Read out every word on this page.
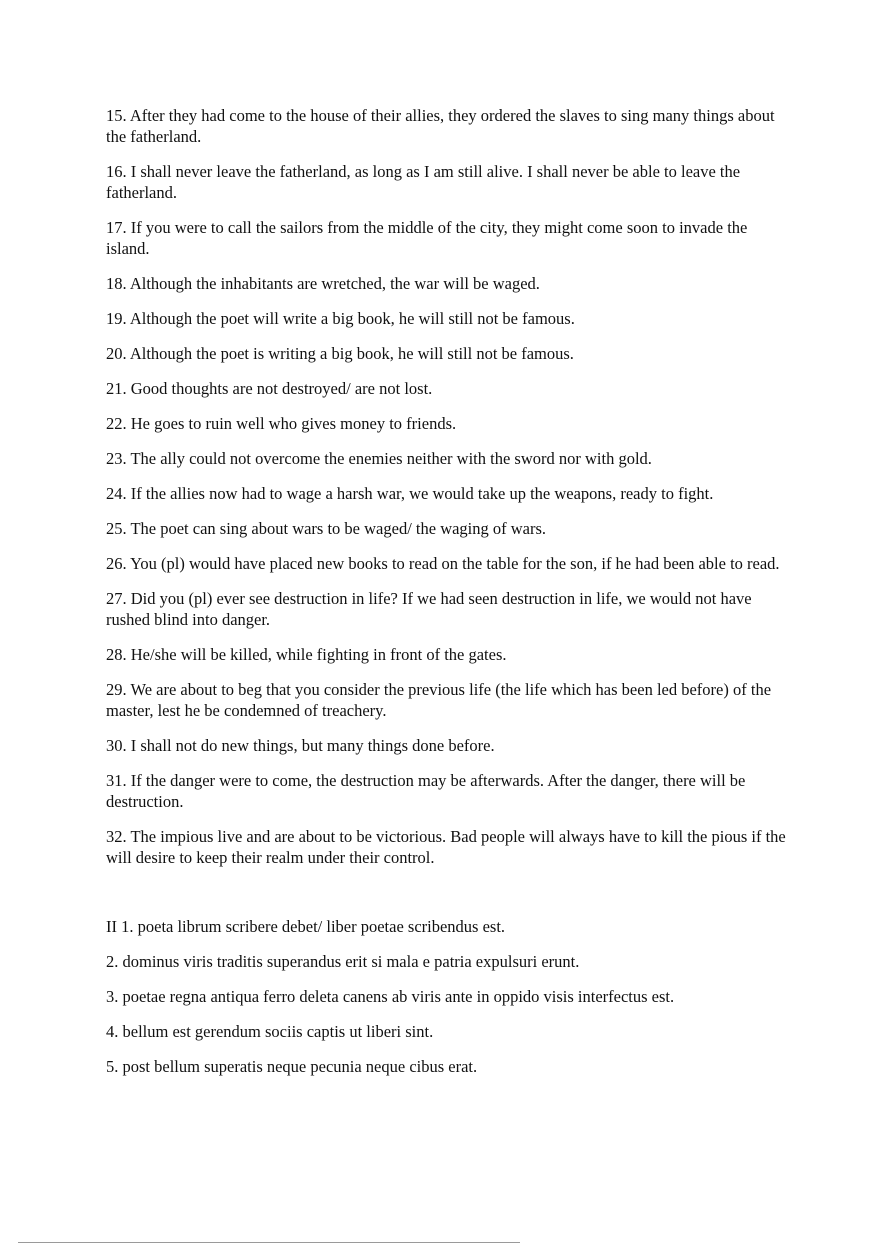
15. After they had come to the house of their allies, they ordered the slaves to sing many things about the fatherland.

16. I shall never leave the fatherland, as long as I am still alive. I shall never be able to leave the fatherland.

17. If you were to call the sailors from the middle of the city, they might come soon to invade the island.

18. Although the inhabitants are wretched, the war will be waged.

19. Although the poet will write a big book, he will still not be famous.

20. Although the poet is writing a big book, he will still not be famous.

21. Good thoughts are not destroyed/ are not lost.

22. He goes to ruin well who gives money to friends.

23. The ally could not overcome the enemies neither with the sword nor with gold.

24. If the allies now had to wage a harsh war, we would take up the weapons, ready to fight.

25. The poet can sing about wars to be waged/ the waging of wars.

26. You (pl) would have placed new books to read on the table for the son, if he had been able to read.

27. Did you (pl) ever see destruction in life? If we had seen destruction in life, we would not have rushed blind into danger.

28. He/she will be killed, while fighting in front of the gates.

29. We are about to beg that you consider the previous life (the life which has been led before) of the master, lest he be condemned of treachery.

30. I shall not do new things, but many things done before.

31. If the danger were to come, the destruction may be afterwards. After the danger, there will be destruction.

32. The impious live and are about to be victorious. Bad people will always have to kill the pious if the will desire to keep their realm under their control.

II 1. poeta librum scribere debet/ liber poetae scribendus est.

2. dominus viris traditis superandus erit si mala e patria expulsuri erunt.

3. poetae regna antiqua ferro deleta canens ab viris ante in oppido visis interfectus est.

4. bellum est gerendum sociis captis ut liberi sint.

5. post bellum superatis neque pecunia neque cibus erat.
